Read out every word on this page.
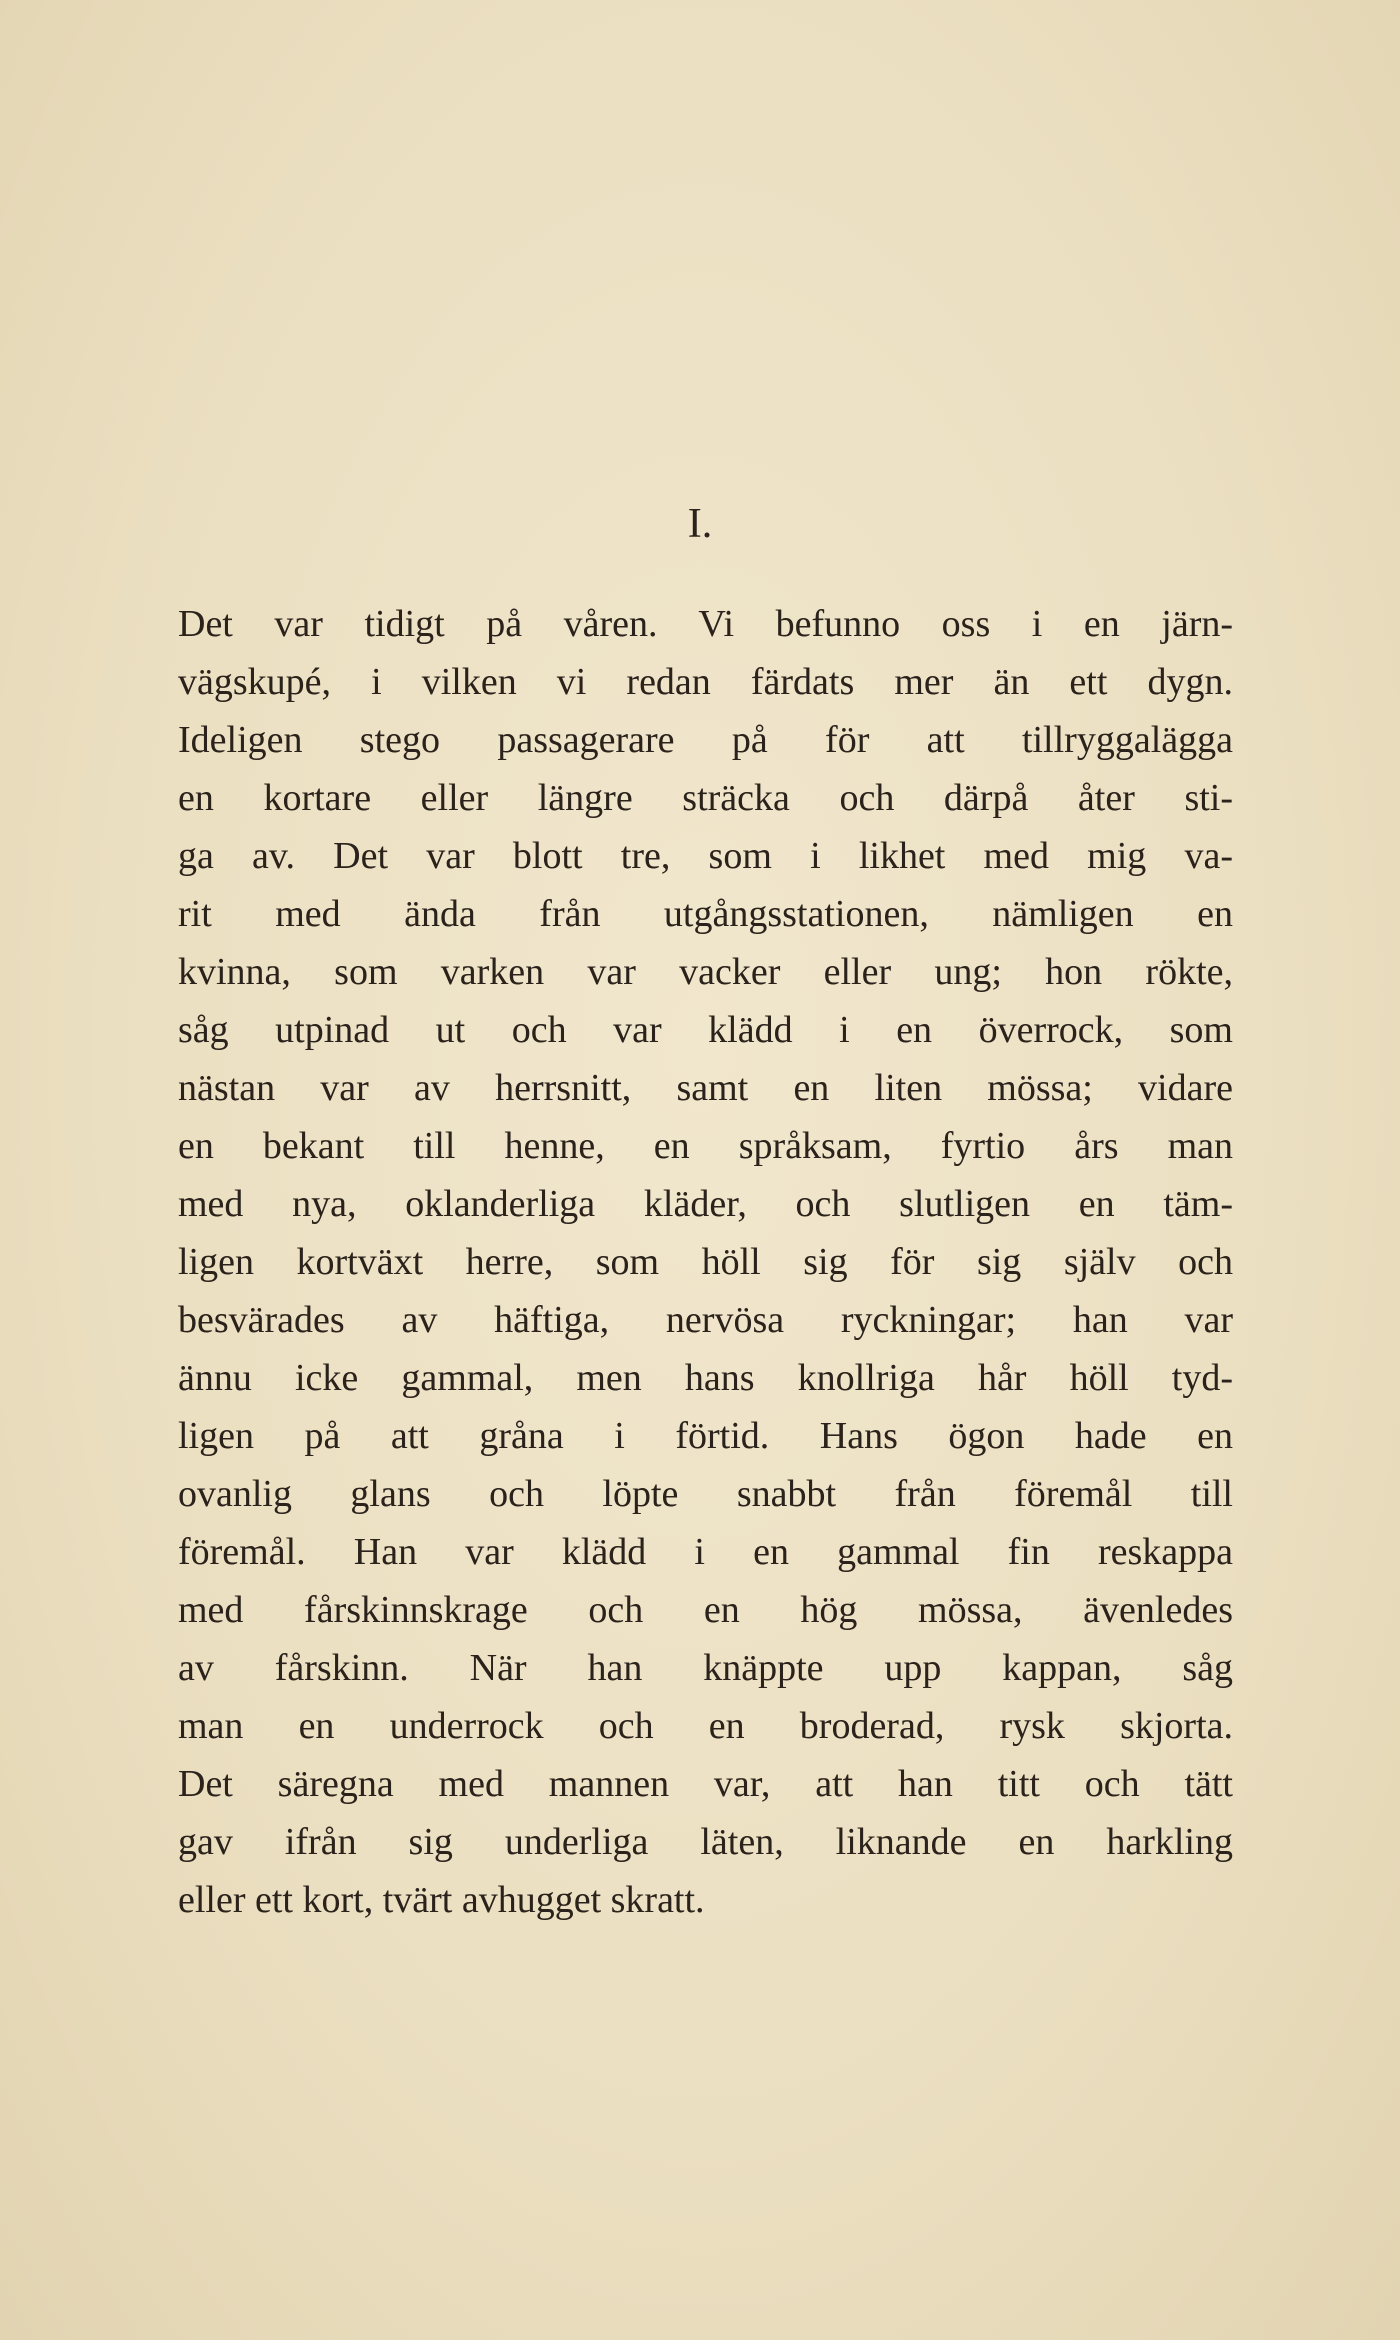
I.
Det var tidigt på våren. Vi befunno oss i en järn-
vägskupé, i vilken vi redan färdats mer än ett dygn.
Ideligen stego passagerare på för att tillryggalägga
en kortare eller längre sträcka och därpå åter sti-
ga av. Det var blott tre, som i likhet med mig va-
rit med ända från utgångsstationen, nämligen en
kvinna, som varken var vacker eller ung; hon rökte,
såg utpinad ut och var klädd i en överrock, som
nästan var av herrsnitt, samt en liten mössa; vidare
en bekant till henne, en språksam, fyrtio års man
med nya, oklanderliga kläder, och slutligen en täm-
ligen kortväxt herre, som höll sig för sig själv och
besvärades av häftiga, nervösa ryckningar; han var
ännu icke gammal, men hans knollriga hår höll tyd-
ligen på att gråna i förtid. Hans ögon hade en
ovanlig glans och löpte snabbt från föremål till
föremål. Han var klädd i en gammal fin reskappa
med fårskinnskrage och en hög mössa, ävenledes
av fårskinn. När han knäppte upp kappan, såg
man en underrock och en broderad, rysk skjorta.
Det säregna med mannen var, att han titt och tätt
gav ifrån sig underliga läten, liknande en harkling
eller ett kort, tvärt avhugget skratt.
